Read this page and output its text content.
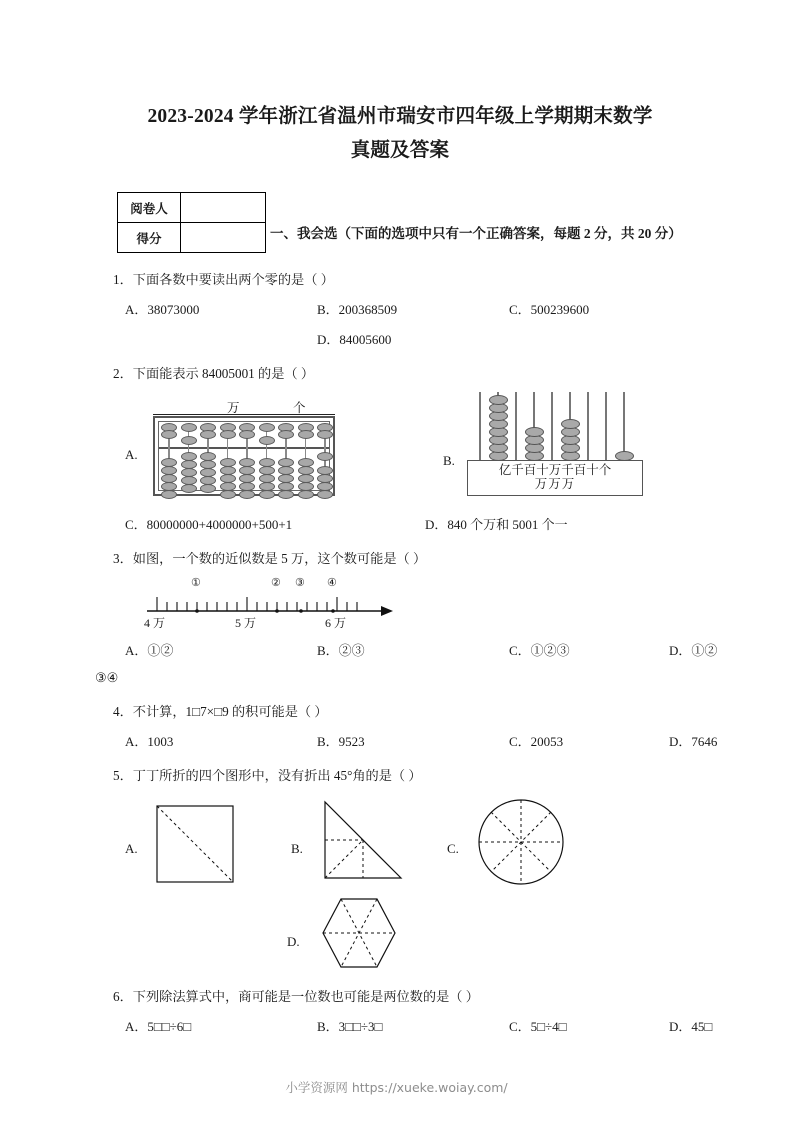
2023-2024 学年浙江省温州市瑞安市四年级上学期期末数学
真题及答案
阅卷人	
得分		一、我会选（下面的选项中只有一个正确答案，每题 2 分，共 20 分）
1．下面各数中要读出两个零的是（ ）
A．38073000	B．200368509	C．500239600
D．84005600
2．下面能表示 84005001 的是（ ）
A.
万	个
B.
亿千百十万千百十个
万万万
C．80000000+4000000+500+1	D．840 个万和 5001 个一
3．如图，一个数的近似数是 5 万，这个数可能是（ ）
①	② ③ ④
4 万	5 万	6 万
A．①②	B．②③	C．①②③	D．①②
③④
4．不计算，1□7×□9 的积可能是（ ）
A．1003	B．9523	C．20053	D．7646
5．丁丁所折的四个图形中，没有折出 45°角的是（ ）
A.	B.	C.
D.
6．下列除法算式中，商可能是一位数也可能是两位数的是（ ）
A．5□□÷6□	B．3□□÷3□	C．5□÷4□	D．45□
小学资源网 https://xueke.woiay.com/
